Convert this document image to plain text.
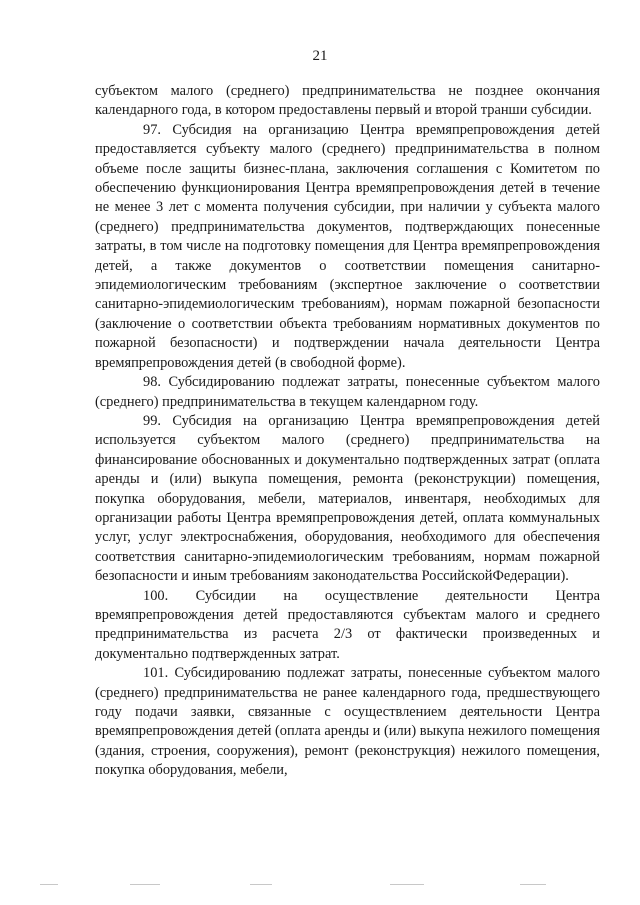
21

субъектом малого (среднего) предпринимательства не позднее окончания календарного года, в котором предоставлены первый и второй транши субсидии.

97. Субсидия на организацию Центра времяпрепровождения детей предоставляется субъекту малого (среднего) предпринимательства в полном объеме после защиты бизнес-плана, заключения соглашения с Комитетом по обеспечению функционирования Центра времяпрепровождения детей в течение не менее 3 лет с момента получения субсидии, при наличии у субъекта малого (среднего) предпринимательства документов, подтверждающих понесенные затраты, в том числе на подготовку помещения для Центра времяпрепровождения детей, а также документов о соответствии помещения санитарно-эпидемиологическим требованиям (экспертное заключение о соответствии санитарно-эпидемиологическим требованиям), нормам пожарной безопасности (заключение о соответствии объекта требованиям нормативных документов по пожарной безопасности) и подтверждении начала деятельности Центра времяпрепровождения детей (в свободной форме).

98. Субсидированию подлежат затраты, понесенные субъектом малого (среднего) предпринимательства в текущем календарном году.

99. Субсидия на организацию Центра времяпрепровождения детей используется субъектом малого (среднего) предпринимательства на финансирование обоснованных и документально подтвержденных затрат (оплата аренды и (или) выкупа помещения, ремонта (реконструкции) помещения, покупка оборудования, мебели, материалов, инвентаря, необходимых для организации работы Центра времяпрепровождения детей, оплата коммунальных услуг, услуг электроснабжения, оборудования, необходимого для обеспечения соответствия санитарно-эпидемиологическим требованиям, нормам пожарной безопасности и иным требованиям законодательства РоссийскойФедерации).

100. Субсидии на осуществление деятельности Центра времяпрепровождения детей предоставляются субъектам малого и среднего предпринимательства из расчета 2/3 от фактически произведенных и документально подтвержденных затрат.

101. Субсидированию подлежат затраты, понесенные субъектом малого (среднего) предпринимательства не ранее календарного года, предшествующего году подачи заявки, связанные с осуществлением деятельности Центра времяпрепровождения детей (оплата аренды и (или) выкупа нежилого помещения (здания, строения, сооружения), ремонт (реконструкция) нежилого помещения, покупка оборудования, мебели,
